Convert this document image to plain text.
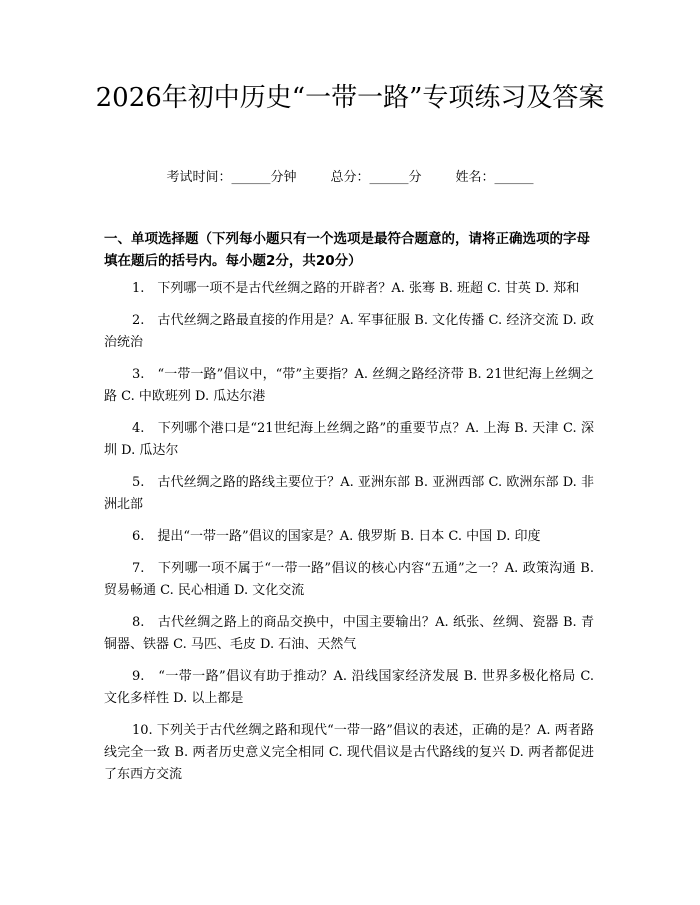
2026年初中历史“一带一路”专项练习及答案
考试时间：______分钟	总分：______分	姓名：______

一、单项选择题（下列每小题只有一个选项是最符合题意的，请将正确选项的字母填在题后的括号内。每小题2分，共20分）

1.　下列哪一项不是古代丝绸之路的开辟者？A. 张骞 B. 班超 C. 甘英 D. 郑和
2.　古代丝绸之路最直接的作用是？A. 军事征服 B. 文化传播 C. 经济交流 D. 政治统治
3.　“一带一路”倡议中，“带”主要指？A. 丝绸之路经济带 B. 21世纪海上丝绸之路 C. 中欧班列 D. 瓜达尔港
4.　下列哪个港口是“21世纪海上丝绸之路”的重要节点？A. 上海 B. 天津 C. 深圳 D. 瓜达尔
5.　古代丝绸之路的路线主要位于？A. 亚洲东部 B. 亚洲西部 C. 欧洲东部 D. 非洲北部
6.　提出“一带一路”倡议的国家是？A. 俄罗斯 B. 日本 C. 中国 D. 印度
7.　下列哪一项不属于“一带一路”倡议的核心内容“五通”之一？A. 政策沟通 B. 贸易畅通 C. 民心相通 D. 文化交流
8.　古代丝绸之路上的商品交换中，中国主要输出？A. 纸张、丝绸、瓷器 B. 青铜器、铁器 C. 马匹、毛皮 D. 石油、天然气
9.　“一带一路”倡议有助于推动？A. 沿线国家经济发展 B. 世界多极化格局 C. 文化多样性 D. 以上都是
10. 下列关于古代丝绸之路和现代“一带一路”倡议的表述，正确的是？A. 两者路线完全一致 B. 两者历史意义完全相同 C. 现代倡议是古代路线的复兴 D. 两者都促进了东西方交流
